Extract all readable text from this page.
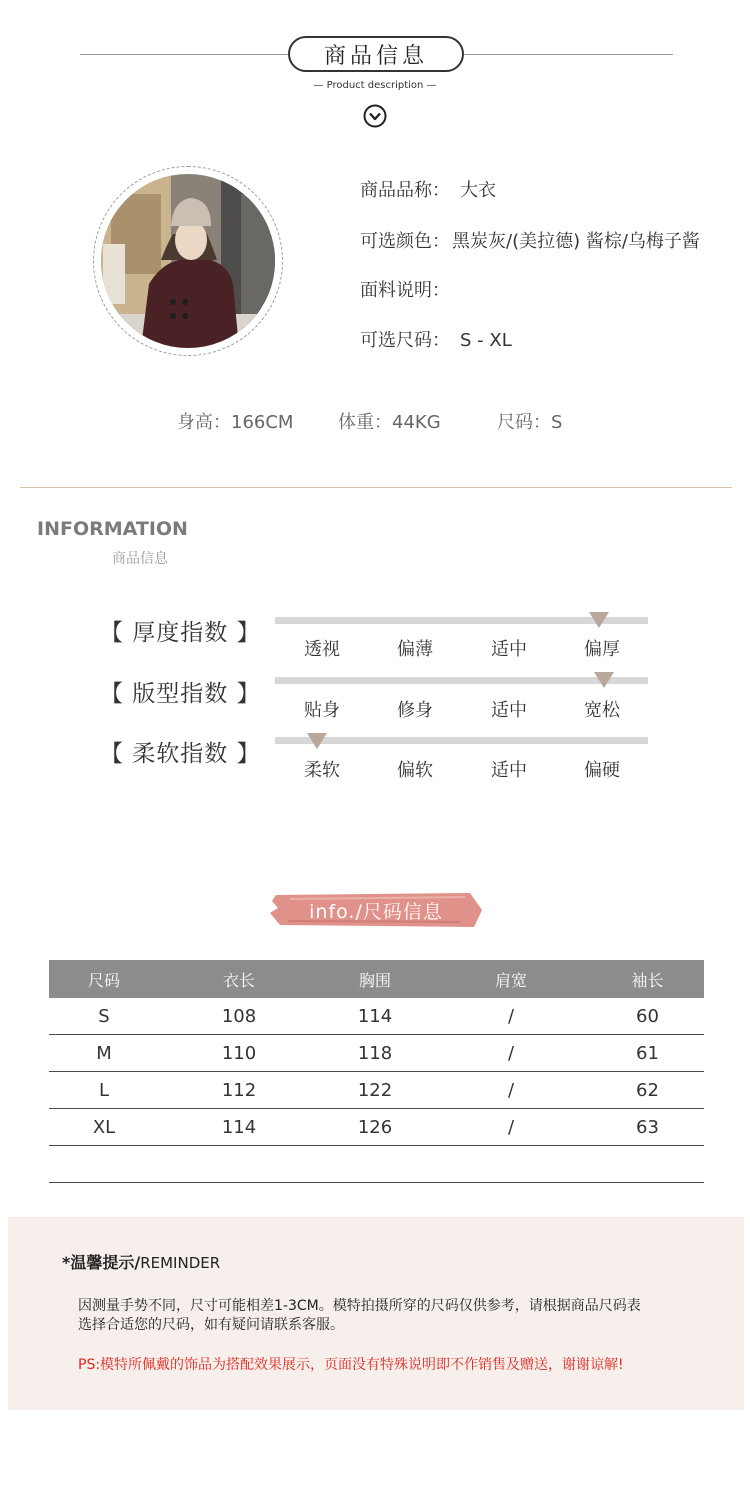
商品信息
— Product description —
商品品称： 大衣
可选颜色： 黑炭灰/(美拉德) 酱棕/乌梅子酱
面料说明：
可选尺码： S - XL
身高：166CM 体重：44KG	尺码：S
INFORMATION
商品信息
【 厚度指数 】
透视	偏薄	适中	偏厚
【 版型指数 】
贴身	修身	适中	宽松
【 柔软指数 】
柔软	偏软	适中	偏硬
info./尺码信息
尺码	衣长	胸围	肩宽	袖长
S	108	114	/	60
M	110	118	/	61
L	112	122	/	62
XL	114	126	/	63
*温馨提示/REMINDER
因测量手势不同，尺寸可能相差1-3CM。模特拍摄所穿的尺码仅供参考，请根据商品尺码表
选择合适您的尺码，如有疑问请联系客服。
PS:模特所佩戴的饰品为搭配效果展示，页面没有特殊说明即不作销售及赠送，谢谢谅解!
